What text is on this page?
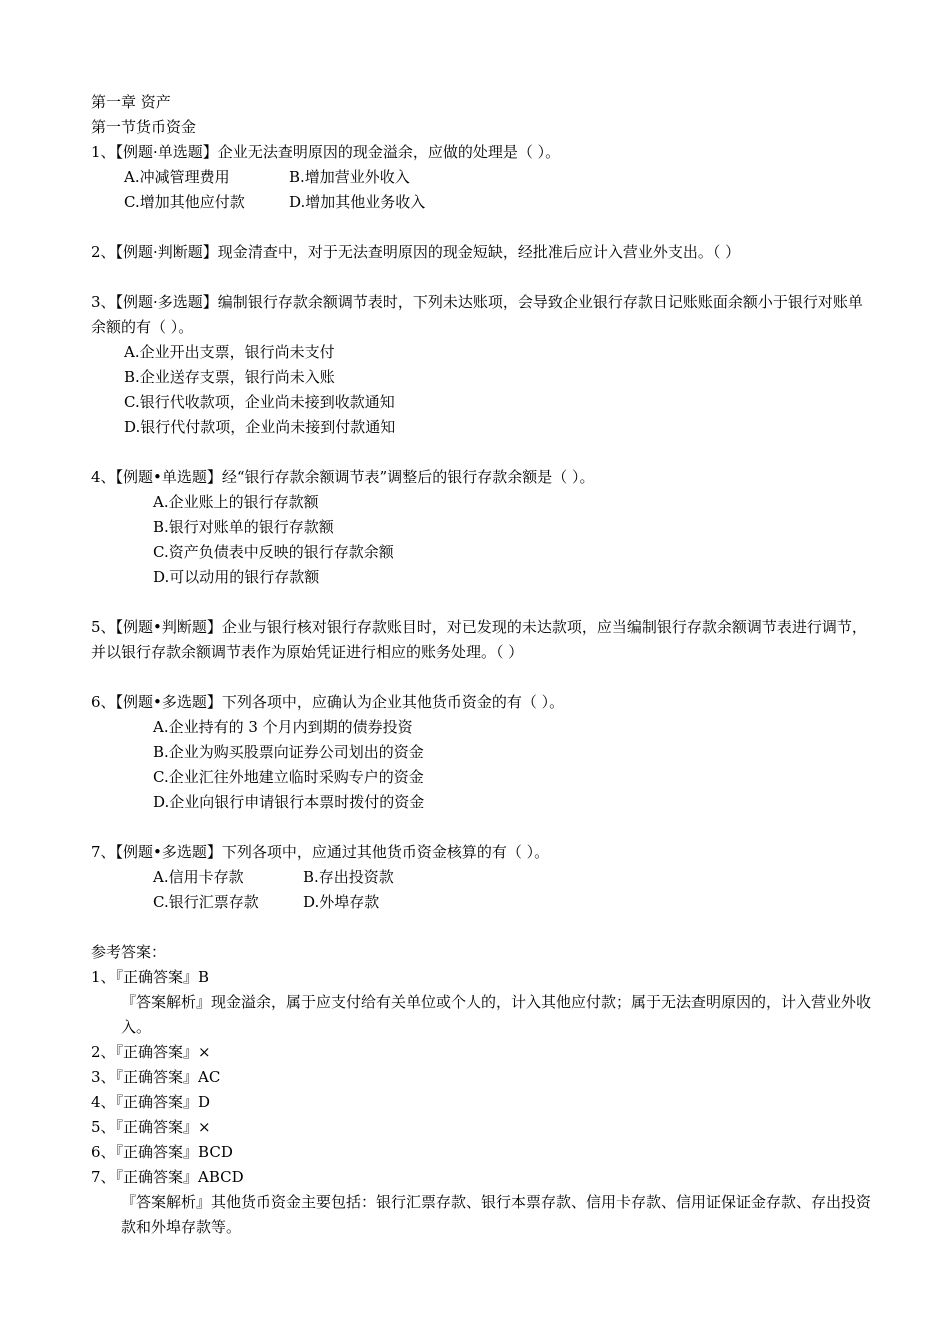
第一章 资产
第一节货币资金
1、【例题·单选题】企业无法查明原因的现金溢余，应做的处理是（ ）。
A.冲减管理费用	B.增加营业外收入
C.增加其他应付款	D.增加其他业务收入
2、【例题·判断题】现金清查中，对于无法查明原因的现金短缺，经批准后应计入营业外支出。（ ）
3、【例题·多选题】编制银行存款余额调节表时，下列未达账项，会导致企业银行存款日记账账面余额小于银行对账单余额的有（ ）。
A.企业开出支票，银行尚未支付
B.企业送存支票，银行尚未入账
C.银行代收款项，企业尚未接到收款通知
D.银行代付款项，企业尚未接到付款通知
4、【例题•单选题】经“银行存款余额调节表”调整后的银行存款余额是（ ）。
A.企业账上的银行存款额
B.银行对账单的银行存款额
C.资产负债表中反映的银行存款余额
D.可以动用的银行存款额
5、【例题•判断题】企业与银行核对银行存款账目时，对已发现的未达款项，应当编制银行存款余额调节表进行调节，并以银行存款余额调节表作为原始凭证进行相应的账务处理。（ ）
6、【例题•多选题】下列各项中，应确认为企业其他货币资金的有（ ）。
A.企业持有的 3 个月内到期的债券投资
B.企业为购买股票向证券公司划出的资金
C.企业汇往外地建立临时采购专户的资金
D.企业向银行申请银行本票时拨付的资金
7、【例题•多选题】下列各项中，应通过其他货币资金核算的有（ ）。
A.信用卡存款	B.存出投资款
C.银行汇票存款	D.外埠存款
参考答案：
1、『正确答案』B
『答案解析』现金溢余，属于应支付给有关单位或个人的，计入其他应付款；属于无法查明原因的，计入营业外收入。
2、『正确答案』×
3、『正确答案』AC
4、『正确答案』D
5、『正确答案』×
6、『正确答案』BCD
7、『正确答案』ABCD
『答案解析』其他货币资金主要包括：银行汇票存款、银行本票存款、信用卡存款、信用证保证金存款、存出投资款和外埠存款等。
